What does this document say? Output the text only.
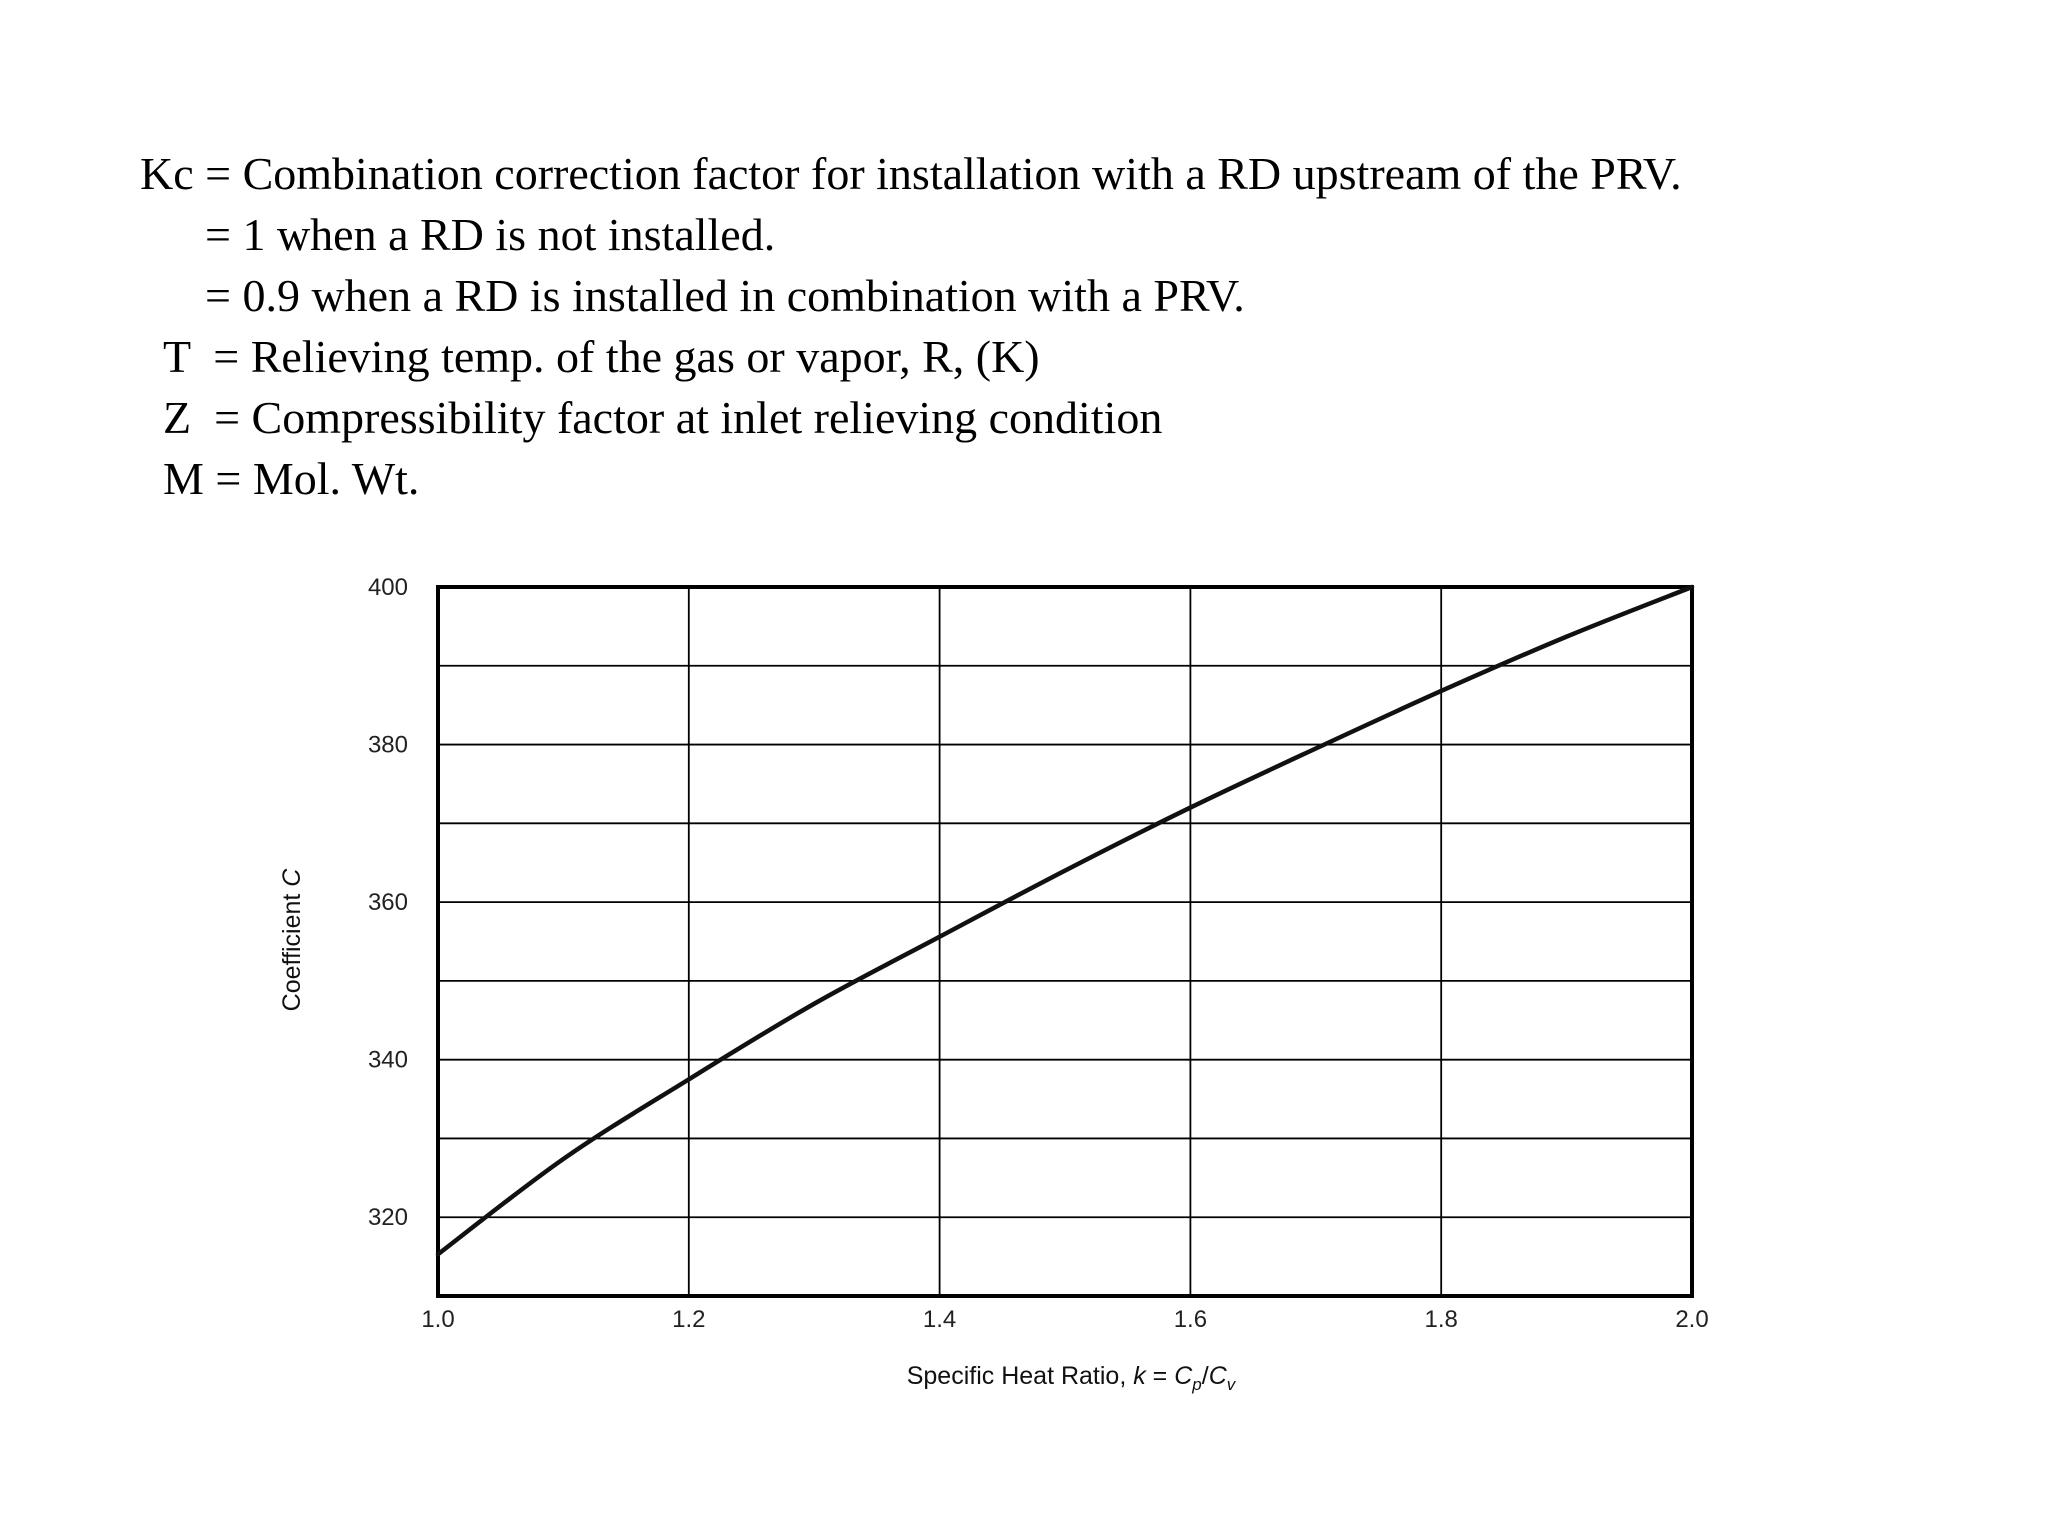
Kc = Combination correction factor for installation with a RD upstream of the PRV.
= 1 when a RD is not installed.
= 0.9 when a RD is installed in combination with a PRV.
T  = Relieving temp. of the gas or vapor, R, (K)
Z  = Compressibility factor at inlet relieving condition
M = Mol. Wt.
1.0	1.2	1.4	1.6	1.8	2.0
320
340
360
380
400
Specific Heat Ratio, $k = C_p/C_v$
Coefficient C
